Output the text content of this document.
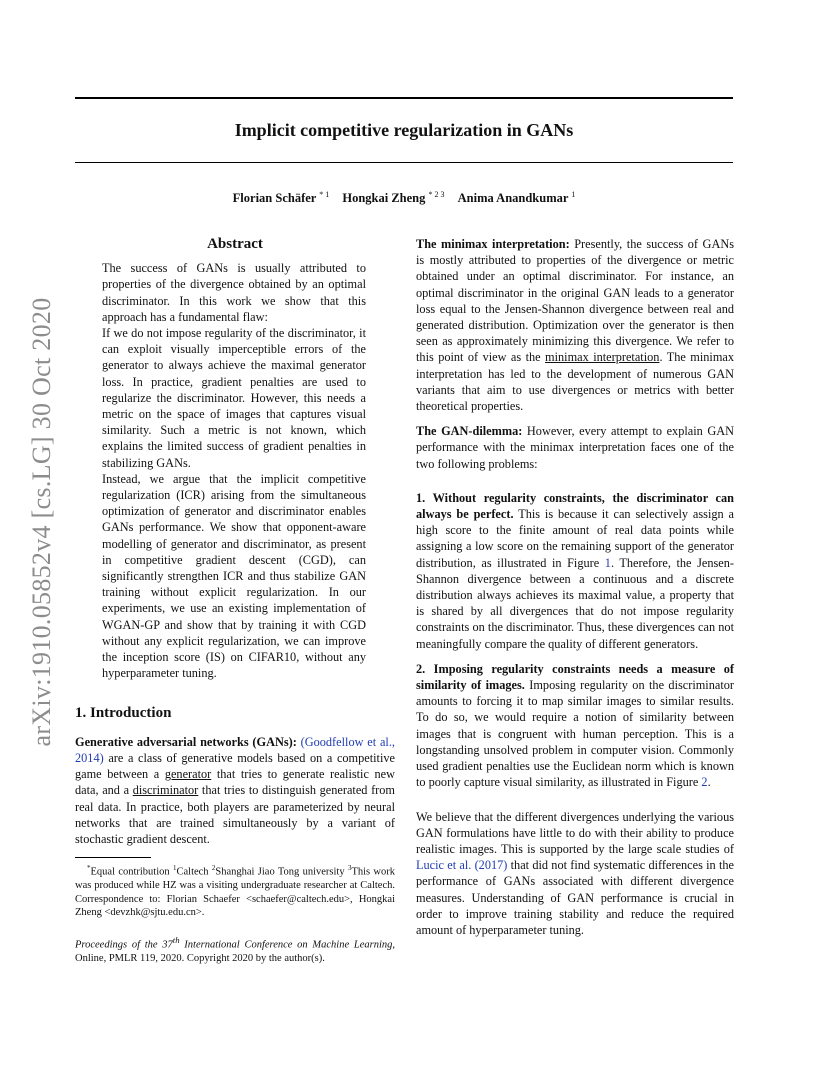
Implicit competitive regularization in GANs
Florian Schäfer $^{* 1}$ Hongkai Zheng $^{* 2 3}$ Anima Anandkumar $^1$
arXiv:1910.05852v4 [cs.LG] 30 Oct 2020
Abstract

The success of GANs is usually attributed to properties of the divergence obtained by an optimal discriminator. In this work we show that this approach has a fundamental flaw:

If we do not impose regularity of the discriminator, it can exploit visually imperceptible errors of the generator to always achieve the maximal generator loss. In practice, gradient penalties are used to regularize the discriminator. However, this needs a metric on the space of images that captures visual similarity. Such a metric is not known, which explains the limited success of gradient penalties in stabilizing GANs.

Instead, we argue that the implicit competitive regularization (ICR) arising from the simultaneous optimization of generator and discriminator enables GANs performance. We show that opponent-aware modelling of generator and discriminator, as present in competitive gradient descent (CGD), can significantly strengthen ICR and thus stabilize GAN training without explicit regularization. In our experiments, we use an existing implementation of WGAN-GP and show that by training it with CGD without any explicit regularization, we can improve the inception score (IS) on CIFAR10, without any hyperparameter tuning.

1. Introduction

Generative adversarial networks (GANs): (Goodfellow et al., 2014) are a class of generative models based on a competitive game between a generator that tries to generate realistic new data, and a discriminator that tries to distinguish generated from real data. In practice, both players are parameterized by neural networks that are trained simultaneously by a variant of stochastic gradient descent.

*Equal contribution $^1$Caltech $^2$Shanghai Jiao Tong university $^3$This work was produced while HZ was a visiting undergraduate researcher at Caltech. Correspondence to: Florian Schaefer <schaefer@caltech.edu>, Hongkai Zheng <devzhk@sjtu.edu.cn>.
Proceedings of the 37th International Conference on Machine Learning, Online, PMLR 119, 2020. Copyright 2020 by the author(s).

The minimax interpretation: Presently, the success of GANs is mostly attributed to properties of the divergence or metric obtained under an optimal discriminator. For instance, an optimal discriminator in the original GAN leads to a generator loss equal to the Jensen-Shannon divergence between real and generated distribution. Optimization over the generator is then seen as approximately minimizing this divergence. We refer to this point of view as the minimax interpretation. The minimax interpretation has led to the development of numerous GAN variants that aim to use divergences or metrics with better theoretical properties.

The GAN-dilemma: However, every attempt to explain GAN performance with the minimax interpretation faces one of the two following problems:

1. Without regularity constraints, the discriminator can always be perfect. This is because it can selectively assign a high score to the finite amount of real data points while assigning a low score on the remaining support of the generator distribution, as illustrated in Figure 1. Therefore, the Jensen-Shannon divergence between a continuous and a discrete distribution always achieves its maximal value, a property that is shared by all divergences that do not impose regularity constraints on the discriminator. Thus, these divergences can not meaningfully compare the quality of different generators.

2. Imposing regularity constraints needs a measure of similarity of images. Imposing regularity on the discriminator amounts to forcing it to map similar images to similar results. To do so, we would require a notion of similarity between images that is congruent with human perception. This is a longstanding unsolved problem in computer vision. Commonly used gradient penalties use the Euclidean norm which is known to poorly capture visual similarity, as illustrated in Figure 2.

We believe that the different divergences underlying the various GAN formulations have little to do with their ability to produce realistic images. This is supported by the large scale studies of Lucic et al. (2017) that did not find systematic differences in the performance of GANs associated with different divergence measures. Understanding of GAN performance is crucial in order to improve training stability and reduce the required amount of hyperparameter tuning.
